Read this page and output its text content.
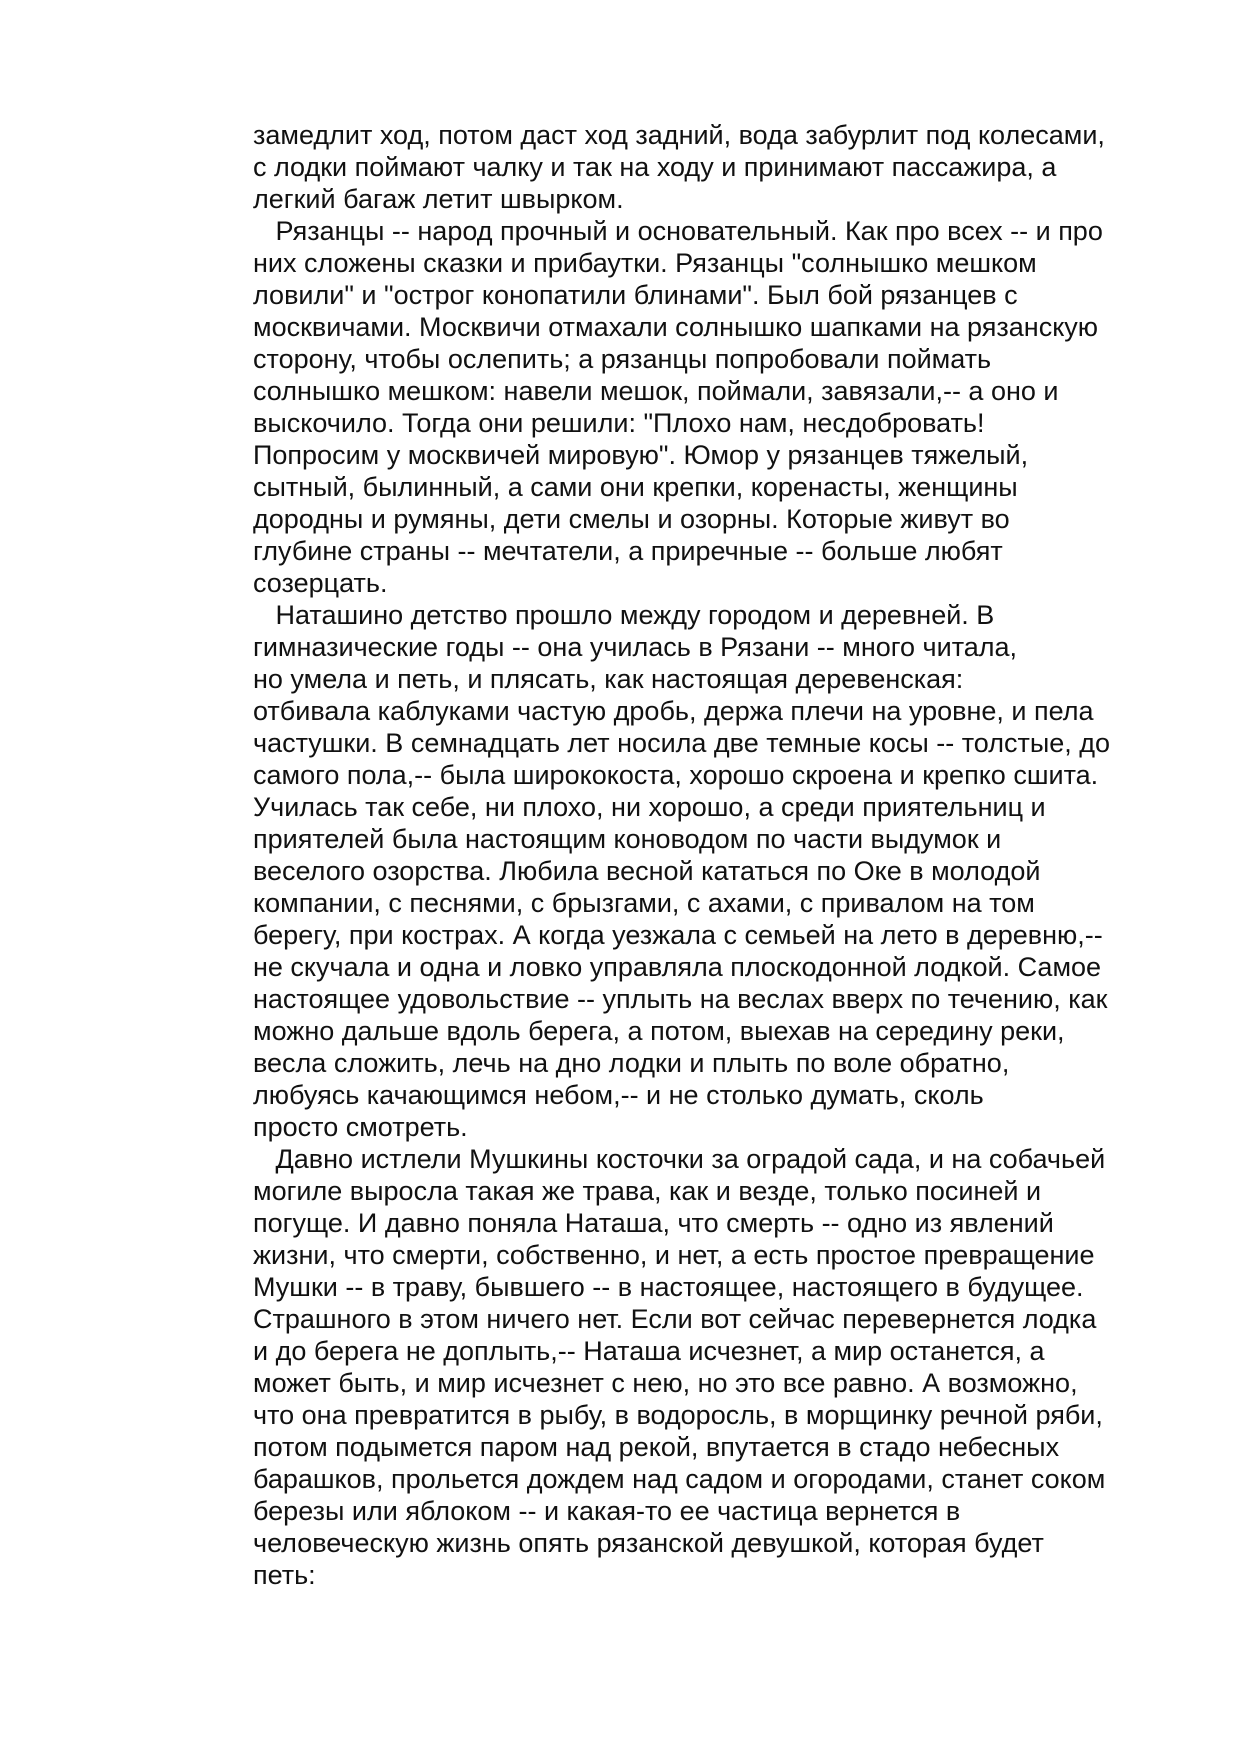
замедлит ход, потом даст ход задний, вода забурлит под колесами,
с лодки поймают чалку и так на ходу и принимают пассажира, а
легкий багаж летит швырком.
Рязанцы -- народ прочный и основательный. Как про всех -- и про
них сложены сказки и прибаутки. Рязанцы "солнышко мешком
ловили" и "острог конопатили блинами". Был бой рязанцев с
москвичами. Москвичи отмахали солнышко шапками на рязанскую
сторону, чтобы ослепить; а рязанцы попробовали поймать
солнышко мешком: навели мешок, поймали, завязали,-- а оно и
выскочило. Тогда они решили: "Плохо нам, несдобровать!
Попросим у москвичей мировую". Юмор у рязанцев тяжелый,
сытный, былинный, а сами они крепки, коренасты, женщины
дородны и румяны, дети смелы и озорны. Которые живут во
глубине страны -- мечтатели, а приречные -- больше любят
созерцать.
Наташино детство прошло между городом и деревней. В
гимназические годы -- она училась в Рязани -- много читала,
но умела и петь, и плясать, как настоящая деревенская:
отбивала каблуками частую дробь, держа плечи на уровне, и пела
частушки. В семнадцать лет носила две темные косы -- толстые, до
самого пола,-- была ширококоста, хорошо скроена и крепко сшита.
Училась так себе, ни плохо, ни хорошо, а среди приятельниц и
приятелей была настоящим коноводом по части выдумок и
веселого озорства. Любила весной кататься по Оке в молодой
компании, с песнями, с брызгами, с ахами, с привалом на том
берегу, при кострах. А когда уезжала с семьей на лето в деревню,--
не скучала и одна и ловко управляла плоскодонной лодкой. Самое
настоящее удовольствие -- уплыть на веслах вверх по течению, как
можно дальше вдоль берега, а потом, выехав на середину реки,
весла сложить, лечь на дно лодки и плыть по воле обратно,
любуясь качающимся небом,-- и не столько думать, сколь
просто смотреть.
Давно истлели Мушкины косточки за оградой сада, и на собачьей
могиле выросла такая же трава, как и везде, только посиней и
погуще. И давно поняла Наташа, что смерть -- одно из явлений
жизни, что смерти, собственно, и нет, а есть простое превращение
Мушки -- в траву, бывшего -- в настоящее, настоящего в будущее.
Страшного в этом ничего нет. Если вот сейчас перевернется лодка
и до берега не доплыть,-- Наташа исчезнет, а мир останется, а
может быть, и мир исчезнет с нею, но это все равно. А возможно,
что она превратится в рыбу, в водоросль, в морщинку речной ряби,
потом подымется паром над рекой, впутается в стадо небесных
барашков, прольется дождем над садом и огородами, станет соком
березы или яблоком -- и какая-то ее частица вернется в
человеческую жизнь опять рязанской девушкой, которая будет
петь:
